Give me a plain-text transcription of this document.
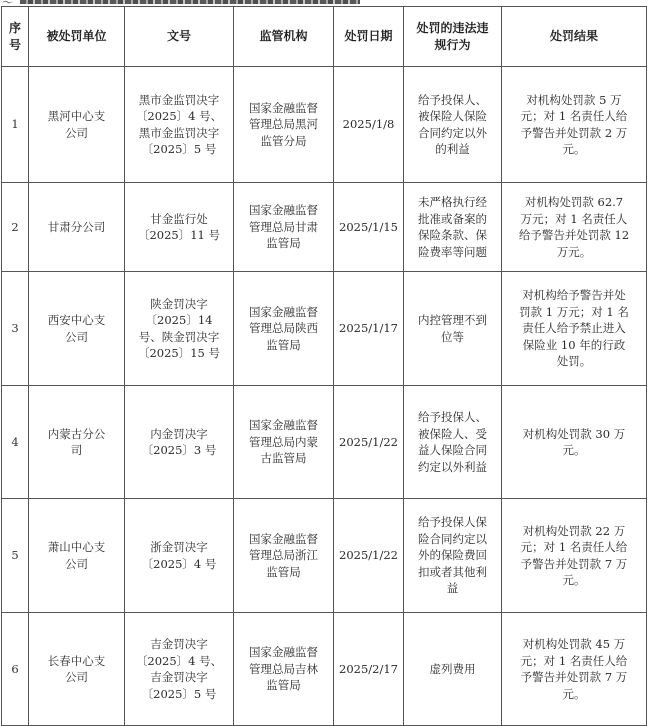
〜
序
号	被处罚单位	文号	监管机构	处罚日期	处罚的违法违
规行为	处罚结果
1	黑河中心支
公司	黑市金监罚决字
〔2025〕4 号、
黑市金监罚决字
〔2025〕5 号	国家金融监督
管理总局黑河
监管分局	2025/1/8	给予投保人、
被保险人保险
合同约定以外
的利益	对机构处罚款 5 万
元；对 1 名责任人给
予警告并处罚款 2 万
元。
2	甘肃分公司	甘金监行处
〔2025〕11 号	国家金融监督
管理总局甘肃
监管局	2025/1/15	未严格执行经
批准或备案的
保险条款、保
险费率等问题	对机构处罚款 62.7
万元；对 1 名责任人
给予警告并处罚款 12
万元。
3	西安中心支
公司	陕金罚决字
〔2025〕14
号、陕金罚决字
〔2025〕15 号	国家金融监督
管理总局陕西
监管局	2025/1/17	内控管理不到
位等	对机构给予警告并处
罚款 1 万元；对 1 名
责任人给予禁止进入
保险业 10 年的行政
处罚。
4	内蒙古分公
司	内金罚决字
〔2025〕3 号	国家金融监督
管理总局内蒙
古监管局	2025/1/22	给予投保人、
被保险人、受
益人保险合同
约定以外利益	对机构处罚款 30 万
元。
5	萧山中心支
公司	浙金罚决字
〔2025〕4 号	国家金融监督
管理总局浙江
监管局	2025/1/22	给予投保人保
险合同约定以
外的保险费回
扣或者其他利
益	对机构处罚款 22 万
元；对 1 名责任人给
予警告并处罚款 7 万
元。
6	长春中心支
公司	吉金罚决字
〔2025〕4 号、
吉金罚决字
〔2025〕5 号	国家金融监督
管理总局吉林
监管局	2025/2/17	虚列费用	对机构处罚款 45 万
元；对 1 名责任人给
予警告并处罚款 7 万
元。
